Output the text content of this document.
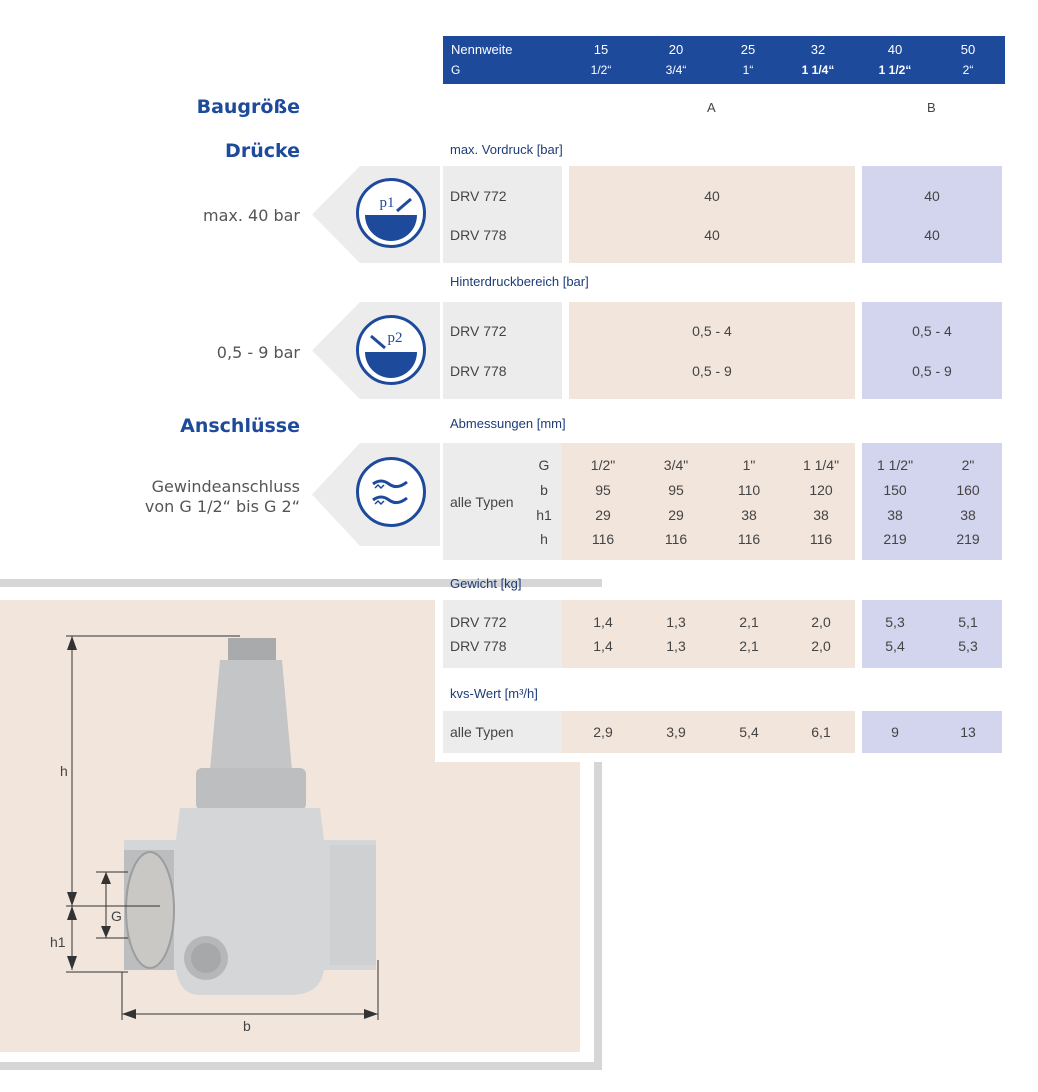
Nennweite	15	20	25	32	40	50
G	1/2“	3/4“	1“	1 1/4“	1 1/2“	2“
Baugröße	A	B
Drücke	max. Vordruck [bar]
max. 40 bar
p1	DRV 772	40	40
DRV 778	40	40
Hinterdruckbereich [bar]
0,5 - 9 bar
p2	DRV 772	0,5 - 4	0,5 - 4
DRV 778	0,5 - 9	0,5 - 9
Anschlüsse	Abmessungen [mm]
Gewindeanschluss
von G 1/2“ bis G 2“	alle Typen
G	1/2"	3/4"	1"	1 1/4"	1 1/2"	2"
b	95	95	110	120	150	160
h1	29	29	38	38	38	38
h	116	116	116	116	219	219
h
h1
G
b
Gewicht [kg]
DRV 772	1,4	1,3	2,1	2,0	5,3	5,1
DRV 778	1,4	1,3	2,1	2,0	5,4	5,3
kvs-Wert [m³/h]
alle Typen	2,9	3,9	5,4	6,1	9	13
